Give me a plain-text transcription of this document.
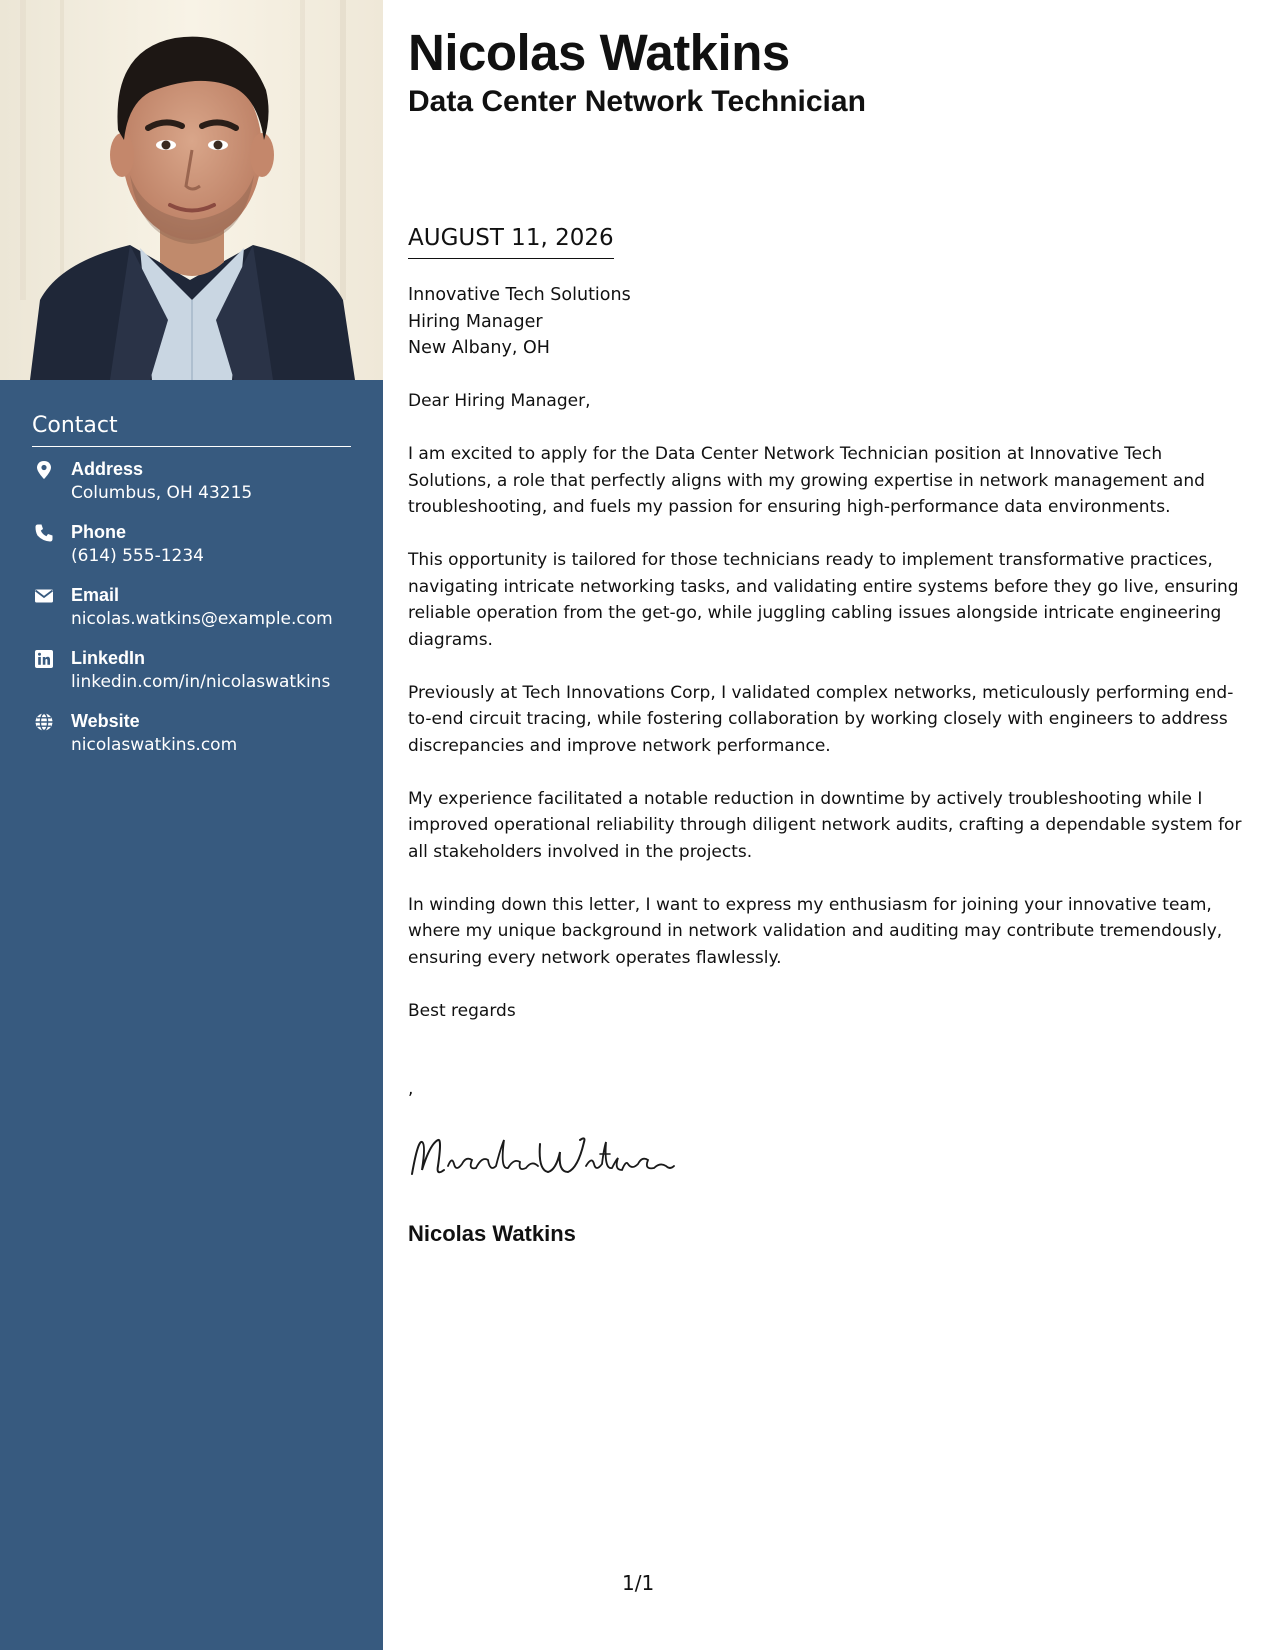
Contact
Address
Columbus, OH 43215
Phone
(614) 555-1234
Email
nicolas.watkins@example.com
LinkedIn
linkedin.com/in/nicolaswatkins
Website
nicolaswatkins.com
Nicolas Watkins
Data Center Network Technician
AUGUST 11, 2026
Innovative Tech Solutions
Hiring Manager
New Albany, OH

Dear Hiring Manager,

I am excited to apply for the Data Center Network Technician position at Innovative Tech Solutions, a role that perfectly aligns with my growing expertise in network management and troubleshooting, and fuels my passion for ensuring high-performance data environments.

This opportunity is tailored for those technicians ready to implement transformative practices, navigating intricate networking tasks, and validating entire systems before they go live, ensuring reliable operation from the get-go, while juggling cabling issues alongside intricate engineering diagrams.

Previously at Tech Innovations Corp, I validated complex networks, meticulously performing end-to-end circuit tracing, while fostering collaboration by working closely with engineers to address discrepancies and improve network performance.

My experience facilitated a notable reduction in downtime by actively troubleshooting while I improved operational reliability through diligent network audits, crafting a dependable system for all stakeholders involved in the projects.

In winding down this letter, I want to express my enthusiasm for joining your innovative team, where my unique background in network validation and auditing may contribute tremendously, ensuring every network operates flawlessly.

Best regards

,
Nicolas Watkins
1/1
